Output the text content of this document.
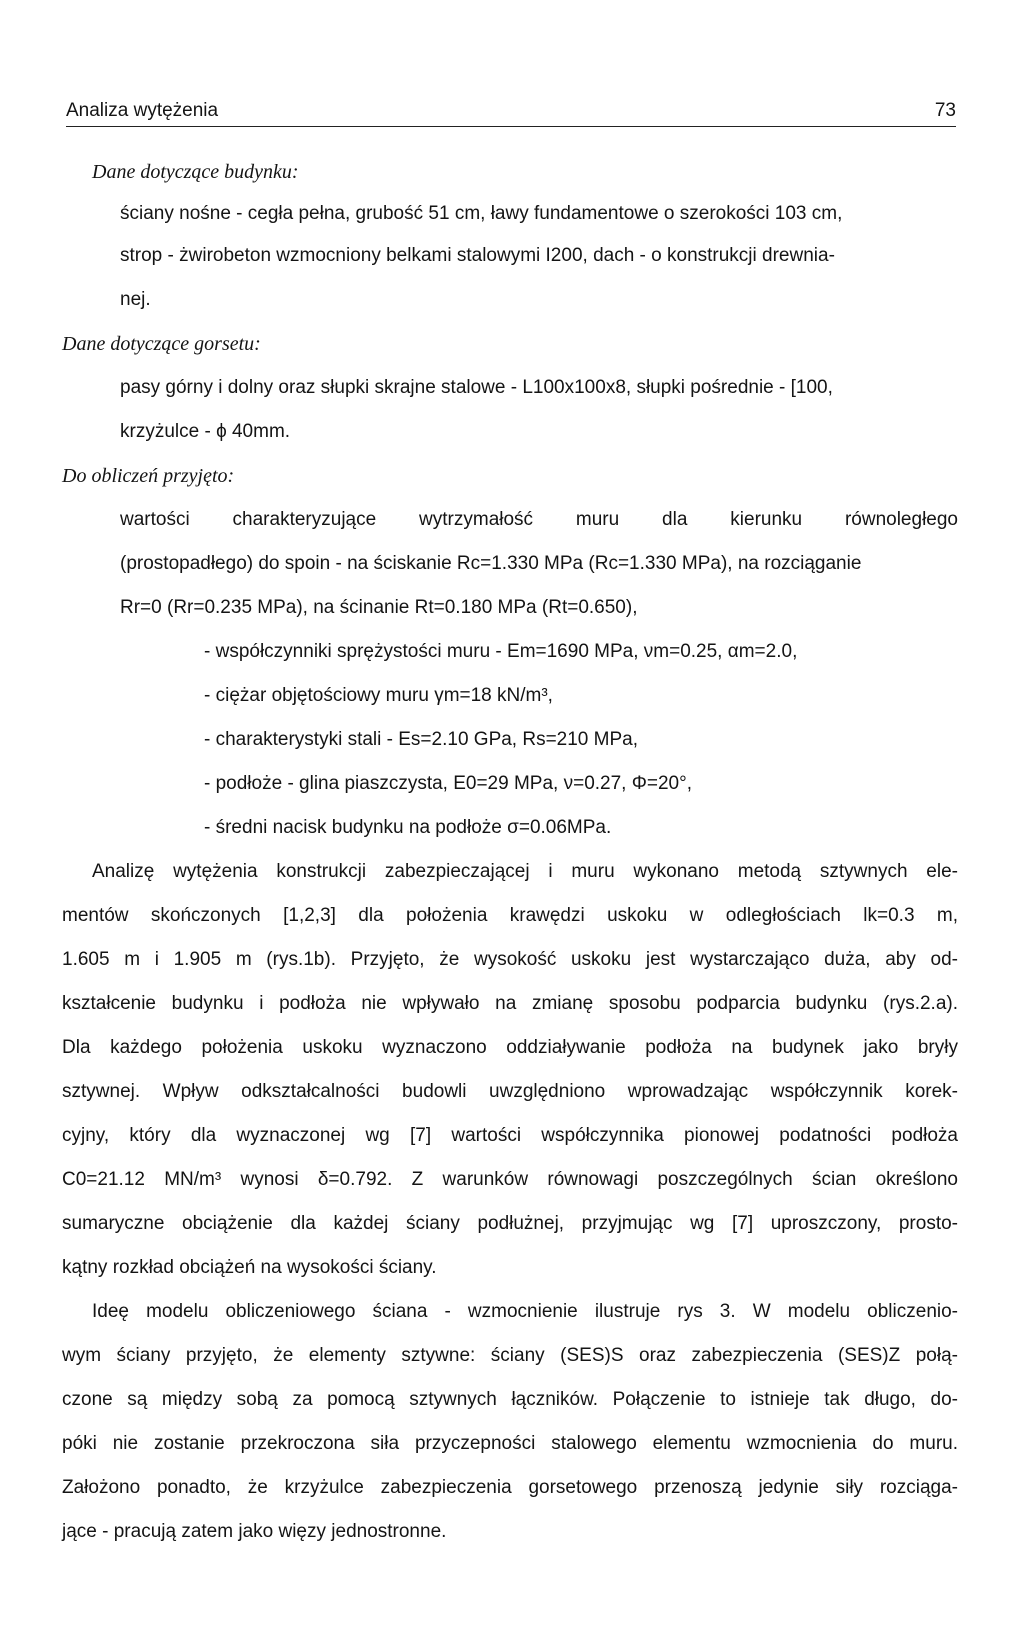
Analiza wytężenia	73
Dane dotyczące budynku:
ściany nośne - cegła pełna, grubość 51 cm, ławy fundamentowe o szerokości 103 cm,
strop - żwirobeton wzmocniony belkami stalowymi I200, dach - o konstrukcji drewnia-
nej.
Dane dotyczące gorsetu:
pasy górny i dolny oraz słupki skrajne stalowe - L100x100x8, słupki pośrednie - [100,
krzyżulce - ϕ 40mm.
Do obliczeń przyjęto:
wartości charakteryzujące wytrzymałość muru dla kierunku równoległego
(prostopadłego) do spoin - na ściskanie Rc=1.330 MPa (Rc=1.330 MPa), na rozciąganie
Rr=0 (Rr=0.235 MPa), na ścinanie Rt=0.180 MPa (Rt=0.650),
- współczynniki sprężystości muru - Em=1690 MPa, νm=0.25, αm=2.0,
- ciężar objętościowy muru γm=18 kN/m³,
- charakterystyki stali - Es=2.10 GPa, Rs=210 MPa,
- podłoże - glina piaszczysta, E0=29 MPa, ν=0.27, Φ=20°,
- średni nacisk budynku na podłoże σ=0.06MPa.
Analizę wytężenia konstrukcji zabezpieczającej i muru wykonano metodą sztywnych ele-
mentów skończonych [1,2,3] dla położenia krawędzi uskoku w odległościach lk=0.3 m,
1.605 m i 1.905 m (rys.1b). Przyjęto, że wysokość uskoku jest wystarczająco duża, aby od-
kształcenie budynku i podłoża nie wpływało na zmianę sposobu podparcia budynku (rys.2.a).
Dla każdego położenia uskoku wyznaczono oddziaływanie podłoża na budynek jako bryły
sztywnej. Wpływ odkształcalności budowli uwzględniono wprowadzając współczynnik korek-
cyjny, który dla wyznaczonej wg [7] wartości współczynnika pionowej podatności podłoża
C0=21.12 MN/m³ wynosi δ=0.792. Z warunków równowagi poszczególnych ścian określono
sumaryczne obciążenie dla każdej ściany podłużnej, przyjmując wg [7] uproszczony, prosto-
kątny rozkład obciążeń na wysokości ściany.
Ideę modelu obliczeniowego ściana - wzmocnienie ilustruje rys 3. W modelu obliczenio-
wym ściany przyjęto, że elementy sztywne: ściany (SES)S oraz zabezpieczenia (SES)Z połą-
czone są między sobą za pomocą sztywnych łączników. Połączenie to istnieje tak długo, do-
póki nie zostanie przekroczona siła przyczepności stalowego elementu wzmocnienia do muru.
Założono ponadto, że krzyżulce zabezpieczenia gorsetowego przenoszą jedynie siły rozciąga-
jące - pracują zatem jako więzy jednostronne.
